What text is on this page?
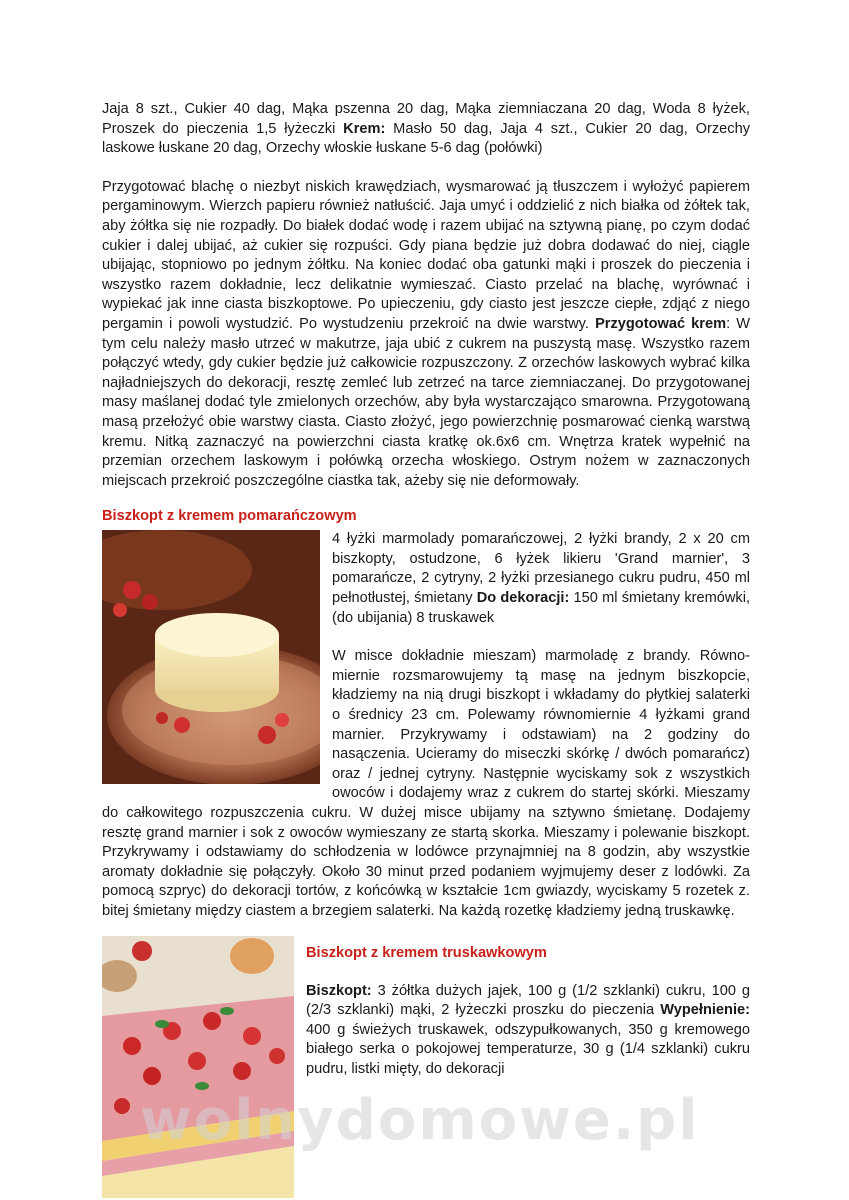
Jaja 8 szt., Cukier 40 dag, Mąka pszenna 20 dag, Mąka ziemniaczana 20 dag, Woda 8 łyżek, Proszek do pieczenia 1,5 łyżeczki Krem: Masło 50 dag, Jaja 4 szt., Cukier 20 dag, Orzechy laskowe łuskane 20 dag, Orzechy włoskie łuskane 5-6 dag (połówki)

Przygotować blachę o niezbyt niskich krawędziach, wysmarować ją tłuszczem i wyłożyć papierem pergaminowym. Wierzch papieru również natłuścić. Jaja umyć i oddzielić z nich białka od żółtek tak, aby żółtka się nie rozpadły. Do białek dodać wodę i razem ubijać na sztywną pianę, po czym dodać cukier i dalej ubijać, aż cukier się rozpuści. Gdy piana będzie już dobra dodawać do niej, ciągle ubijając, stopniowo po jednym żółtku. Na koniec dodać oba gatunki mąki i proszek do pieczenia i wszystko razem dokładnie, lecz delikatnie wymieszać. Ciasto przelać na blachę, wyrównać i wypiekać jak inne ciasta biszkoptowe. Po upieczeniu, gdy ciasto jest jeszcze ciepłe, zdjąć z niego pergamin i powoli wystudzić. Po wystudzeniu przekroić na dwie warstwy. Przygotować krem: W tym celu należy masło utrzeć w makutrze, jaja ubić z cukrem na puszystą masę. Wszystko razem połączyć wtedy, gdy cukier będzie już całkowicie rozpuszczony. Z orzechów laskowych wybrać kilka najładniejszych do dekoracji, resztę zemleć lub zetrzeć na tarce ziemniaczanej. Do przygotowanej masy maślanej dodać tyle zmielonych orzechów, aby była wystarczająco smarowna. Przygotowaną masą przełożyć obie warstwy ciasta. Ciasto złożyć, jego powierzchnię posmarować cienką warstwą kremu. Nitką zaznaczyć na powierzchni ciasta kratkę ok.6x6 cm. Wnętrza kratek wypełnić na przemian orzechem laskowym i połówką orzecha włoskiego. Ostrym nożem w zaznaczonych miejscach przekroić poszczególne ciastka tak, ażeby się nie deformowały.

Biszkopt z kremem pomarańczowym

4 łyżki marmolady pomarańczowej, 2 łyżki brandy, 2 x 20 cm biszkopty, ostudzone, 6 łyżek likieru 'Grand marnier', 3 pomarańcze, 2 cytryny, 2 łyżki przesianego cukru pudru, 450 ml pełnotłustej, śmietany Do dekoracji: 150 ml śmietany kremówki, (do ubijania) 8 truskawek

W misce dokładnie mieszam) marmoladę z brandy. Równo-miernie rozsmarowujemy tą masę na jednym biszkopcie, kładziemy na nią drugi biszkopt i wkładamy do płytkiej salaterki o średnicy 23 cm. Polewamy równomiernie 4 łyżkami grand marnier. Przykrywamy i odstawiam) na 2 godziny do nasączenia. Ucieramy do miseczki skórkę / dwóch pomarańcz) oraz / jednej cytryny. Następnie wyciskamy sok z wszystkich owoców i dodajemy wraz z cukrem do startej skórki. Mieszamy do całkowitego rozpuszczenia cukru. W dużej misce ubijamy na sztywno śmietanę. Dodajemy resztę grand marnier i sok z owoców wymieszany ze startą skorka. Mieszamy i polewanie biszkopt. Przykrywamy i odstawiamy do schłodzenia w lodówce przynajmniej na 8 godzin, aby wszystkie aromaty dokładnie się połączyły. Około 30 minut przed podaniem wyjmujemy deser z lodówki. Za pomocą szpryc) do dekoracji tortów, z końcówką w kształcie 1cm gwiazdy, wyciskamy 5 rozetek z. bitej śmietany między ciastem a brzegiem salaterki. Na każdą rozetkę kładziemy jedną truskawkę.

Biszkopt z kremem truskawkowym

Biszkopt: 3 żółtka dużych jajek, 100 g (1/2 szklanki) cukru, 100 g (2/3 szklanki) mąki, 2 łyżeczki proszku do pieczenia Wypełnienie: 400 g świeżych truskawek, odszypułkowanych, 350 g kremowego białego serka o pokojowej temperaturze, 30 g (1/4 szklanki) cukru pudru, listki mięty, do dekoracji

wolnydomowe.pl
